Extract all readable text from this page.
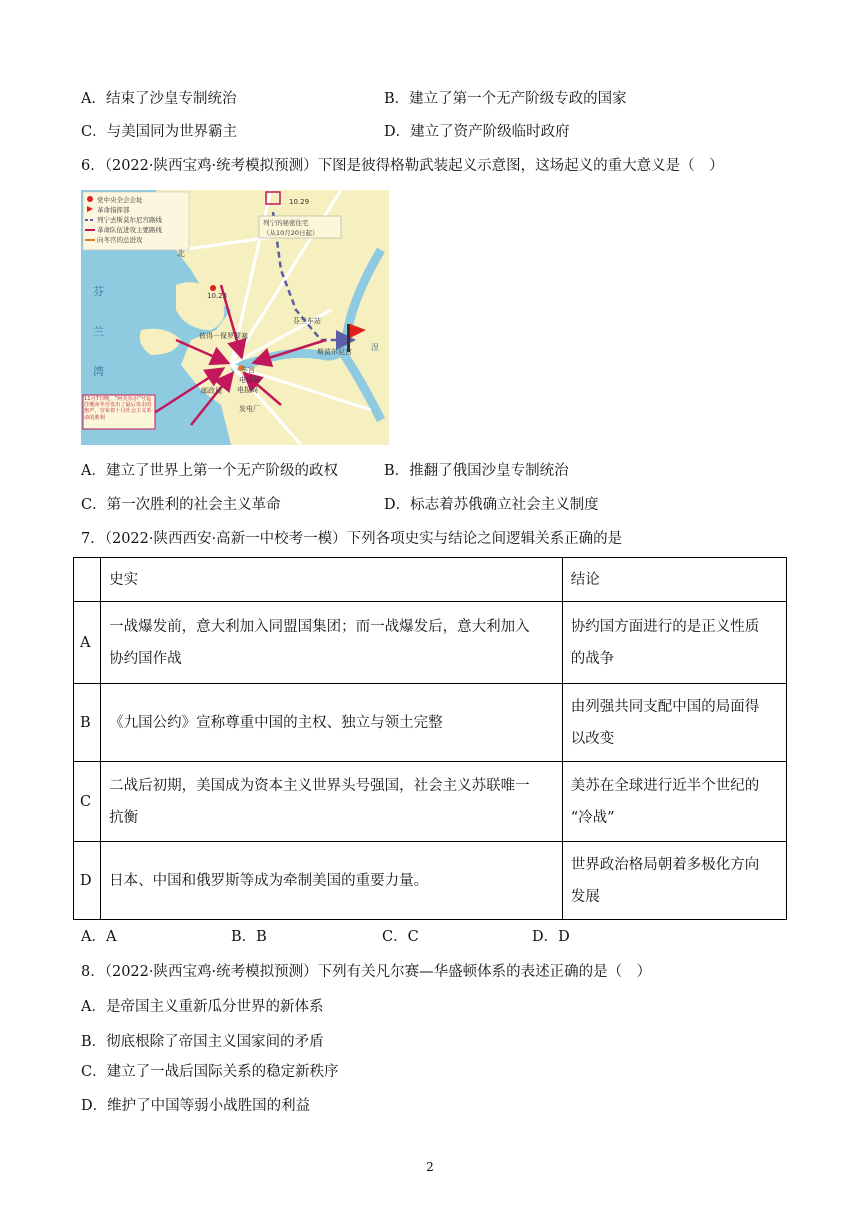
A．结束了沙皇专制统治	B．建立了第一个无产阶级专政的国家
C．与美国同为世界霸主	D．建立了资产阶级临时政府
6．（2022·陕西宝鸡·统考模拟预测）下图是彼得格勒武装起义示意图，这场起义的重大意义是（　）
党中央全会会址
革命指挥部
列宁去斯莫尔尼宫路线
革命队伍进攻主要路线
向冬宫的总进攻
10.29
列宁的秘密住宅
（从10月20日起）
10.23
芬兰车站
斯莫尔尼宫
彼得－保罗要塞
冬宫
电话局
电报局
邮政局
发电厂
芬
兰
湾
涅
北
11月7日晚，“阿芙乐尔”号巡洋舰向冬宫发出了最后攻击的炮声，宣布着十月社会主义革命的胜利
A．建立了世界上第一个无产阶级的政权	B．推翻了俄国沙皇专制统治
C．第一次胜利的社会主义革命	D．标志着苏俄确立社会主义制度
7．（2022·陕西西安·高新一中校考一模）下列各项史实与结论之间逻辑关系正确的是
	史实	结论
A	一战爆发前，意大利加入同盟国集团；而一战爆发后，意大利加入
协约国作战	协约国方面进行的是正义性质
的战争
B	《九国公约》宣称尊重中国的主权、独立与领土完整	由列强共同支配中国的局面得
以改变
C	二战后初期，美国成为资本主义世界头号强国，社会主义苏联唯一
抗衡	美苏在全球进行近半个世纪的
“冷战”
D	日本、中国和俄罗斯等成为牵制美国的重要力量。	世界政治格局朝着多极化方向
发展
A．A	B．B	C．C	D．D
8．（2022·陕西宝鸡·统考模拟预测）下列有关凡尔赛—华盛顿体系的表述正确的是（　）
A．是帝国主义重新瓜分世界的新体系
B．彻底根除了帝国主义国家间的矛盾
C．建立了一战后国际关系的稳定新秩序
D．维护了中国等弱小战胜国的利益
2
